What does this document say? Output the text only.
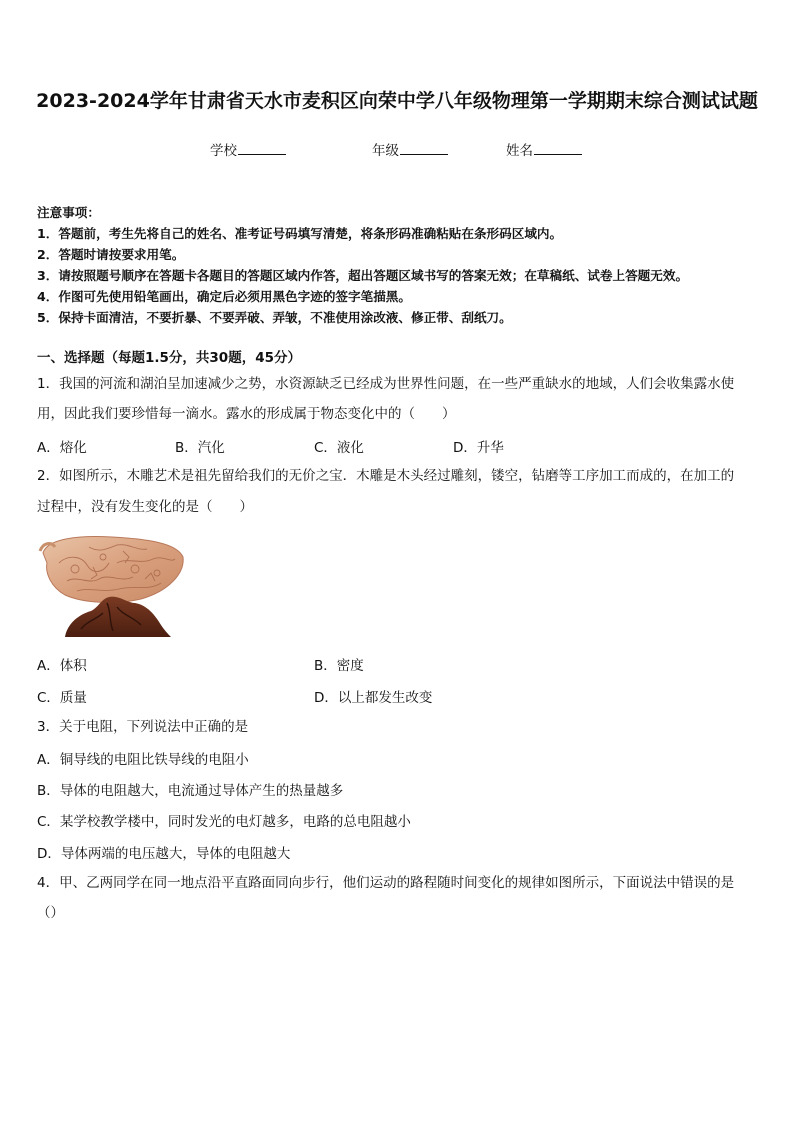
2023-2024学年甘肃省天水市麦积区向荣中学八年级物理第一学期期末综合测试试题
学校	年级	姓名
注意事项：
1．答题前，考生先将自己的姓名、准考证号码填写清楚，将条形码准确粘贴在条形码区域内。
2．答题时请按要求用笔。
3．请按照题号顺序在答题卡各题目的答题区域内作答，超出答题区域书写的答案无效；在草稿纸、试卷上答题无效。
4．作图可先使用铅笔画出，确定后必须用黑色字迹的签字笔描黑。
5．保持卡面清洁，不要折暴、不要弄破、弄皱，不准使用涂改液、修正带、刮纸刀。
一、选择题（每题1.5分，共30题，45分）
1．我国的河流和湖泊呈加速减少之势，水资源缺乏已经成为世界性问题，在一些严重缺水的地域，人们会收集露水使
用，因此我们要珍惜每一滴水。露水的形成属于物态变化中的（　　）
A．熔化	B．汽化	C．液化	D．升华
2．如图所示，木雕艺术是祖先留给我们的无价之宝．木雕是木头经过雕刻，镂空，钻磨等工序加工而成的，在加工的
过程中，没有发生变化的是（　　）
A．体积	B．密度
C．质量	D．以上都发生改变
3．关于电阻，下列说法中正确的是
A．铜导线的电阻比铁导线的电阻小
B．导体的电阻越大，电流通过导体产生的热量越多
C．某学校教学楼中，同时发光的电灯越多，电路的总电阻越小
D．导体两端的电压越大，导体的电阻越大
4．甲、乙两同学在同一地点沿平直路面同向步行，他们运动的路程随时间变化的规律如图所示，下面说法中错误的是
（）
